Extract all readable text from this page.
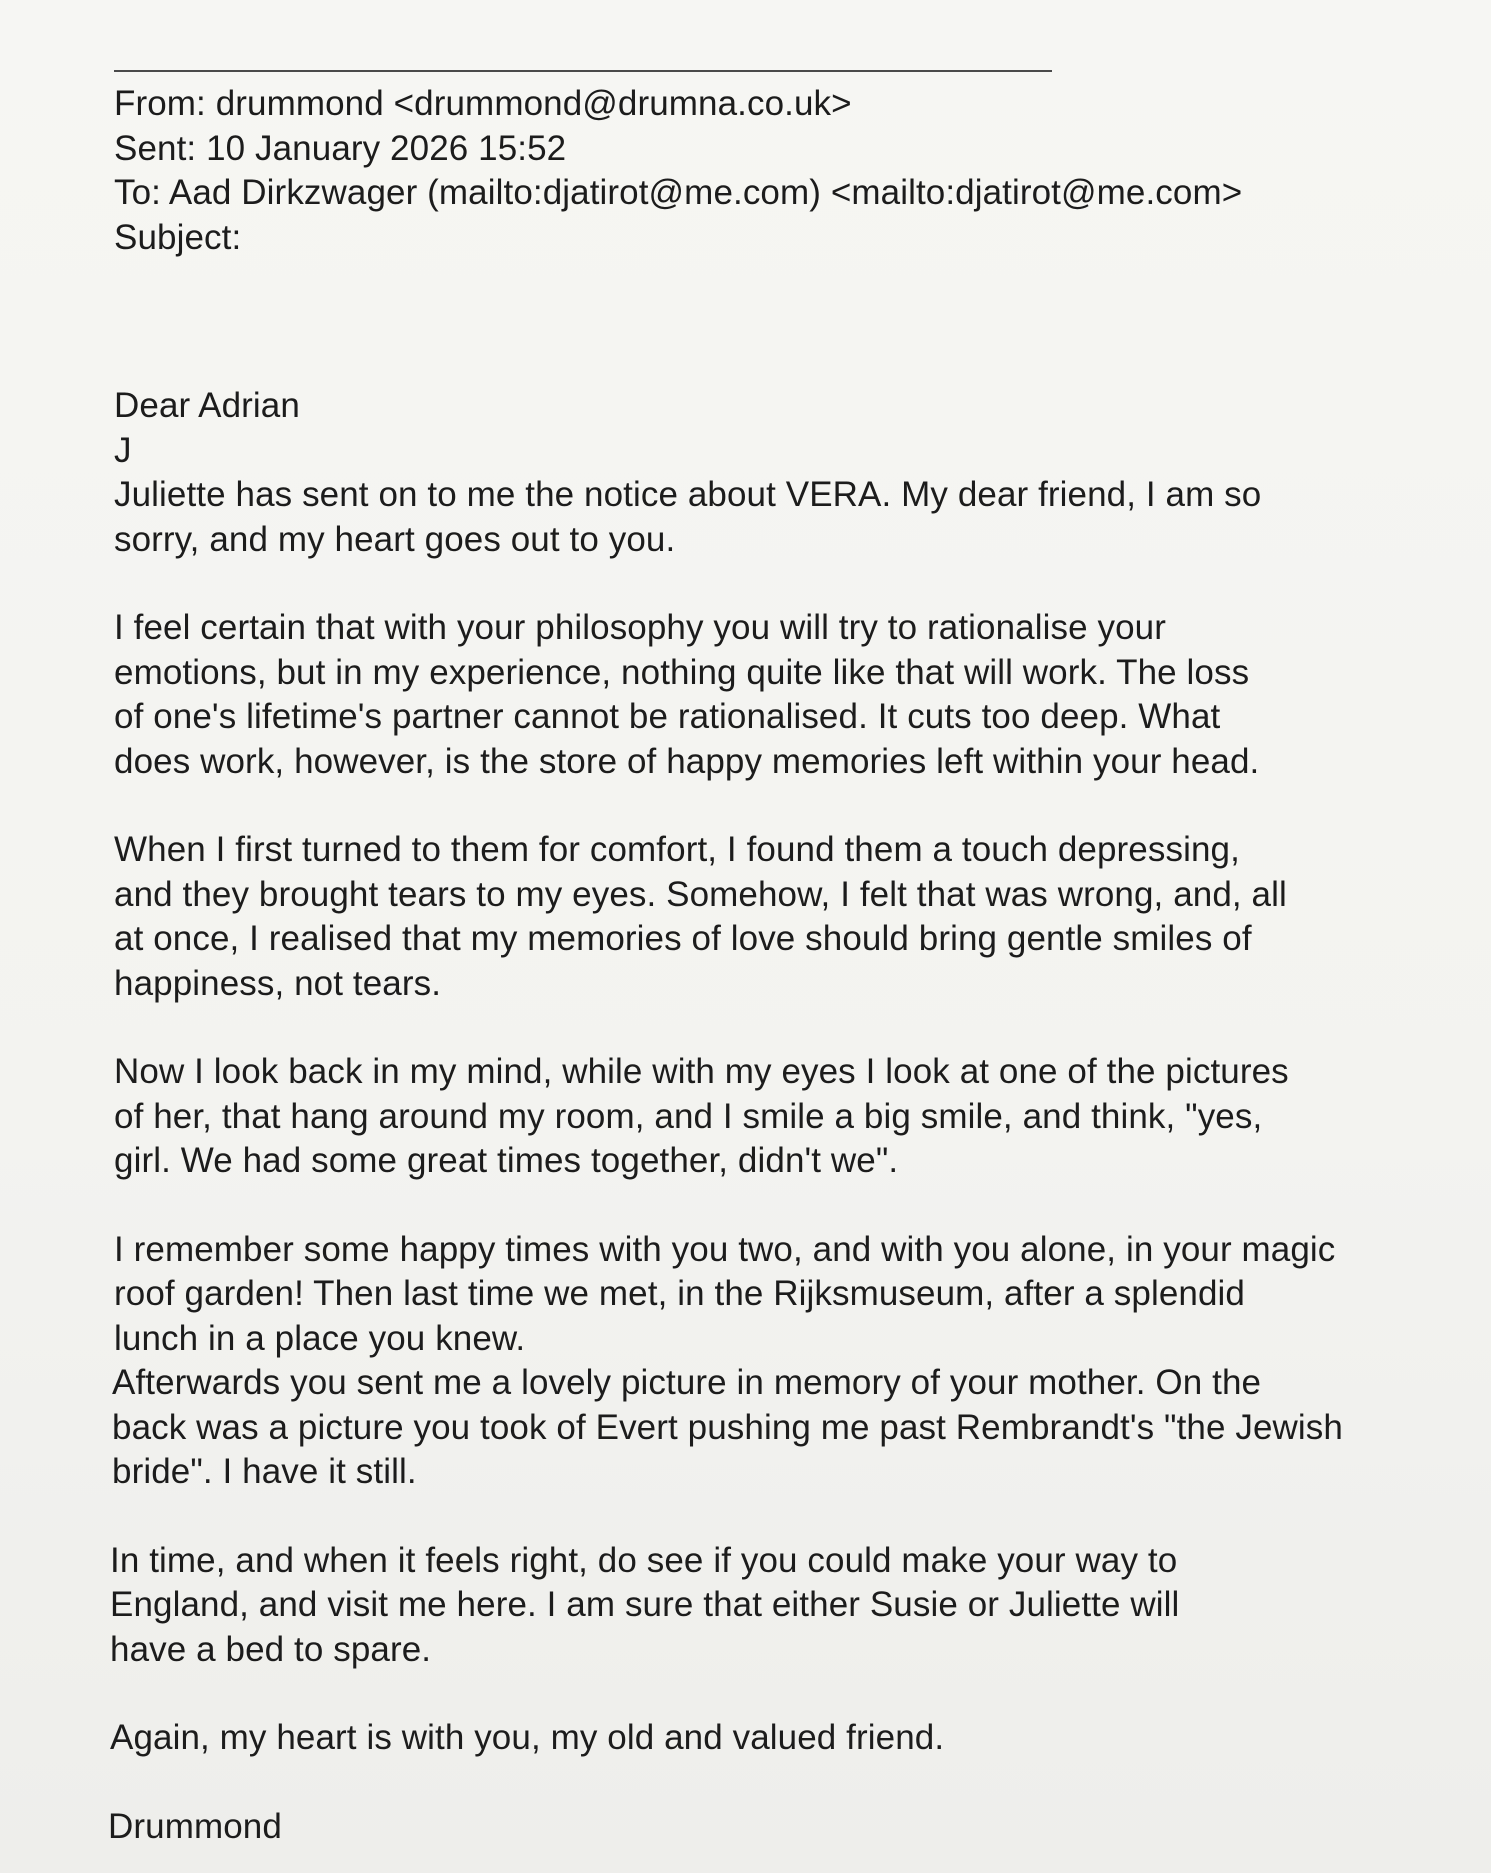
From: drummond <drummond@drumna.co.uk>
Sent: 10 January 2026 15:52
To: Aad Dirkzwager (mailto:djatirot@me.com) <mailto:djatirot@me.com>
Subject:
Dear Adrian
J
Juliette has sent on to me the notice about VERA. My dear friend, I am so
sorry, and my heart goes out to you.
I feel certain that with your philosophy you will try to rationalise your
emotions, but in my experience, nothing quite like that will work. The loss
of one's lifetime's partner cannot be rationalised. It cuts too deep. What
does work, however, is the store of happy memories left within your head.
When I first turned to them for comfort, I found them a touch depressing,
and they brought tears to my eyes. Somehow, I felt that was wrong, and, all
at once, I realised that my memories of love should bring gentle smiles of
happiness, not tears.
Now I look back in my mind, while with my eyes I look at one of the pictures
of her, that hang around my room, and I smile a big smile, and think, "yes,
girl. We had some great times together, didn't we".
I remember some happy times with you two, and with you alone, in your magic
roof garden! Then last time we met, in the Rijksmuseum, after a splendid
lunch in a place you knew.
Afterwards you sent me a lovely picture in memory of your mother. On the
back was a picture you took of Evert pushing me past Rembrandt's "the Jewish
bride". I have it still.
In time, and when it feels right, do see if you could make your way to
England, and visit me here. I am sure that either Susie or Juliette will
have a bed to spare.
Again, my heart is with you, my old and valued friend.
Drummond
